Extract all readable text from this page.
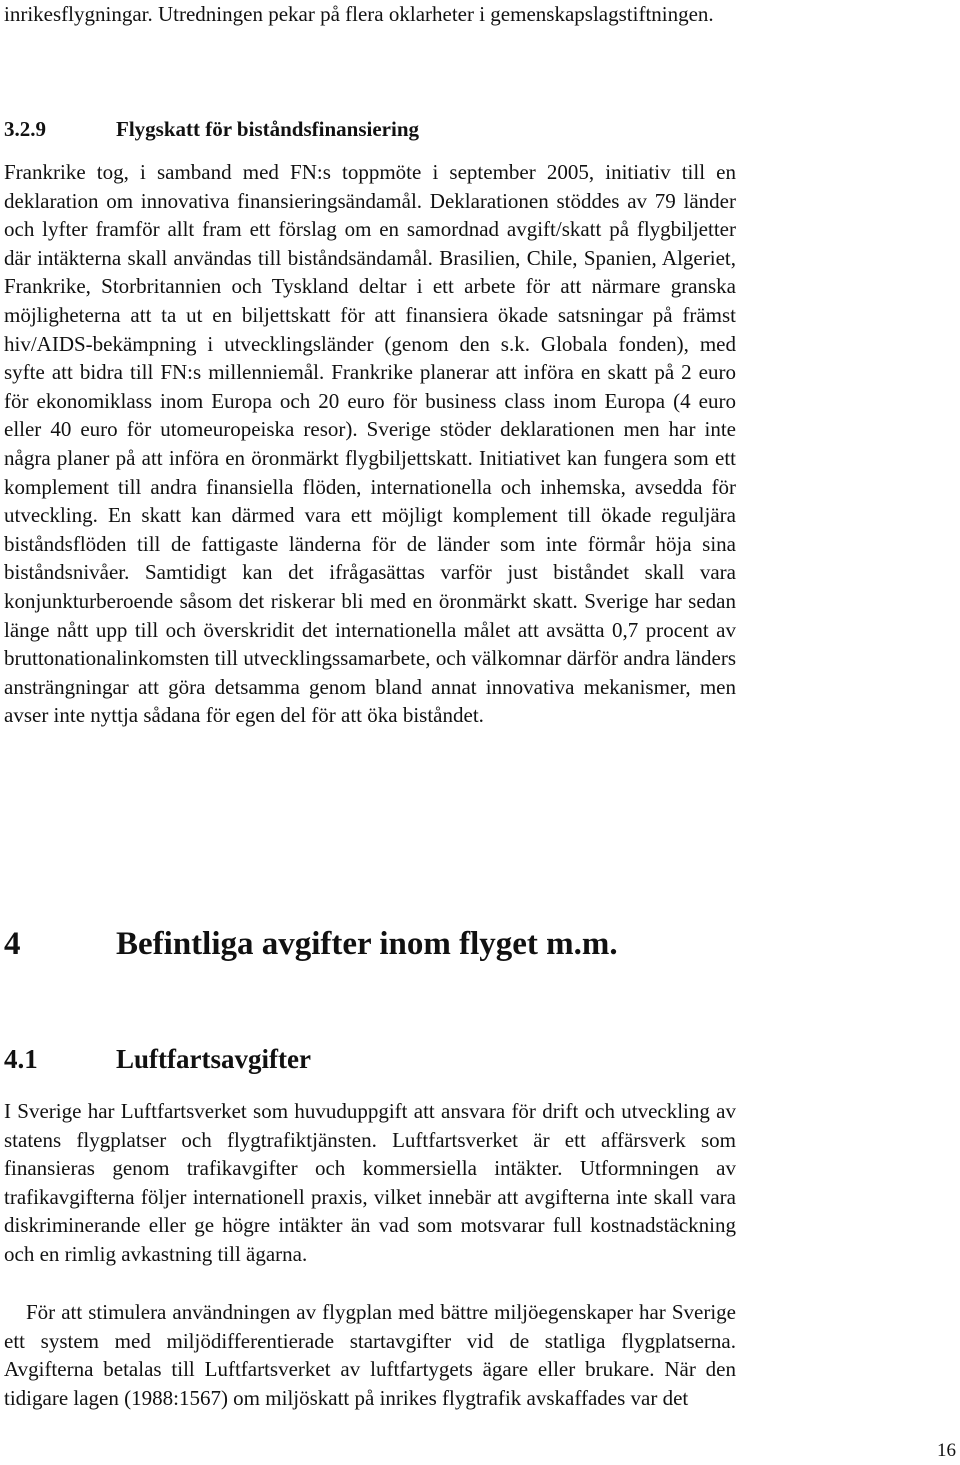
inrikesflygningar. Utredningen pekar på flera oklarheter i gemenskapslagstiftningen.

3.2.9	Flygskatt för biståndsfinansiering

Frankrike tog, i samband med FN:s toppmöte i september 2005, initiativ till en deklaration om innovativa finansieringsändamål. Deklarationen stöddes av 79 länder och lyfter framför allt fram ett förslag om en samordnad avgift/skatt på flygbiljetter där intäkterna skall användas till biståndsändamål. Brasilien, Chile, Spanien, Algeriet, Frankrike, Storbritannien och Tyskland deltar i ett arbete för att närmare granska möjligheterna att ta ut en biljettskatt för att finansiera ökade satsningar på främst hiv/AIDS-bekämpning i utvecklingsländer (genom den s.k. Globala fonden), med syfte att bidra till FN:s millenniemål. Frankrike planerar att införa en skatt på 2 euro för ekonomiklass inom Europa och 20 euro för business class inom Europa (4 euro eller 40 euro för utomeuropeiska resor). Sverige stöder deklarationen men har inte några planer på att införa en öronmärkt flygbiljettskatt. Initiativet kan fungera som ett komplement till andra finansiella flöden, internationella och inhemska, avsedda för utveckling. En skatt kan därmed vara ett möjligt komplement till ökade reguljära biståndsflöden till de fattigaste länderna för de länder som inte förmår höja sina biståndsnivåer. Samtidigt kan det ifrågasättas varför just biståndet skall vara konjunkturberoende såsom det riskerar bli med en öronmärkt skatt. Sverige har sedan länge nått upp till och överskridit det internationella målet att avsätta 0,7 procent av bruttonationalinkomsten till utvecklingssamarbete, och välkomnar därför andra länders ansträngningar att göra detsamma genom bland annat innovativa mekanismer, men avser inte nyttja sådana för egen del för att öka biståndet.

4	Befintliga avgifter inom flyget m.m.
4.1	Luftfartsavgifter

I Sverige har Luftfartsverket som huvuduppgift att ansvara för drift och utveckling av statens flygplatser och flygtrafiktjänsten. Luftfartsverket är ett affärsverk som finansieras genom trafikavgifter och kommersiella intäkter. Utformningen av trafikavgifterna följer internationell praxis, vilket innebär att avgifterna inte skall vara diskriminerande eller ge högre intäkter än vad som motsvarar full kostnadstäckning och en rimlig avkastning till ägarna.

För att stimulera användningen av flygplan med bättre miljöegenskaper har Sverige ett system med miljödifferentierade startavgifter vid de statliga flygplatserna. Avgifterna betalas till Luftfartsverket av luftfartygets ägare eller brukare. När den tidigare lagen (1988:1567) om miljöskatt på inrikes flygtrafik avskaffades var det

16
